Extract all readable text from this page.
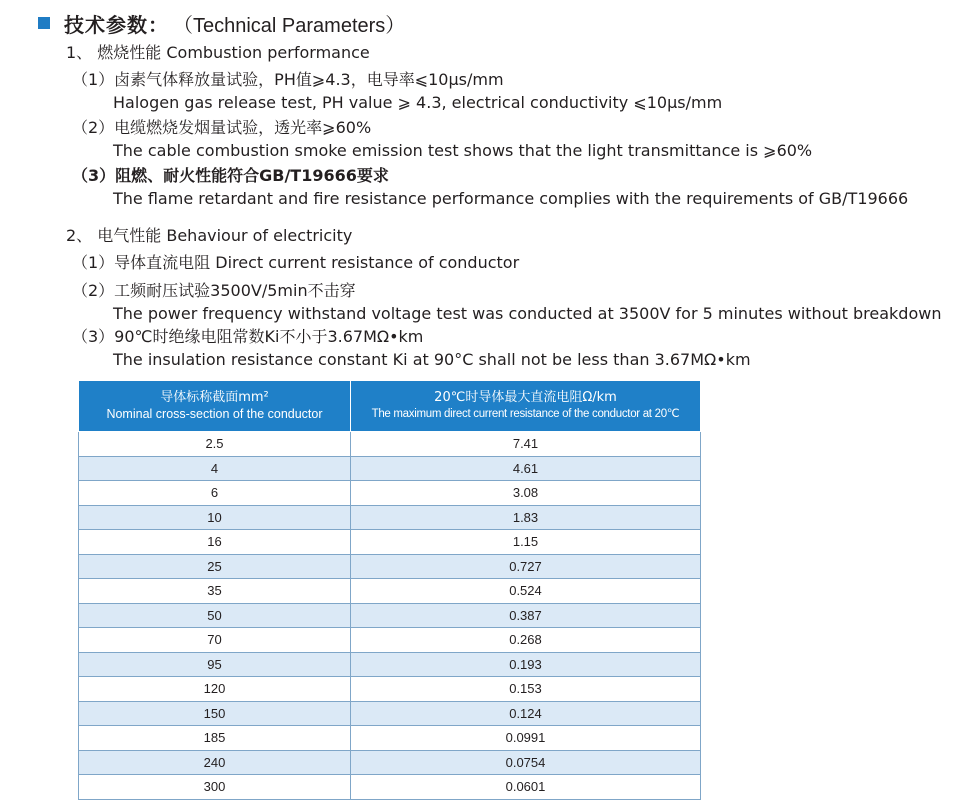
技术参数： （Technical Parameters）
1、 燃烧性能 Combustion performance
（1）卤素气体释放量试验，PH值⩾4.3，电导率⩽10μs/mm
Halogen gas release test, PH value ⩾ 4.3, electrical conductivity ⩽10μs/mm
（2）电缆燃烧发烟量试验，透光率⩾60%
The cable combustion smoke emission test shows that the light transmittance is ⩾60%
（3）阻燃、耐火性能符合GB/T19666要求
The flame retardant and fire resistance performance complies with the requirements of GB/T19666
2、 电气性能 Behaviour of electricity
（1）导体直流电阻 Direct current resistance of conductor
（2）工频耐压试验3500V/5min不击穿
The power frequency withstand voltage test was conducted at 3500V for 5 minutes without breakdown
（3）90℃时绝缘电阻常数Ki不小于3.67MΩ•km
The insulation resistance constant Ki at 90°C shall not be less than 3.67MΩ•km
导体标称截面mm²
Nominal cross-section of the conductor	20℃时导体最大直流电阻Ω/km
The maximum direct current resistance of the conductor at 20℃

2.5	7.41
4	4.61
6	3.08
10	1.83
16	1.15
25	0.727
35	0.524
50	0.387
70	0.268
95	0.193
120	0.153
150	0.124
185	0.0991
240	0.0754
300	0.0601
